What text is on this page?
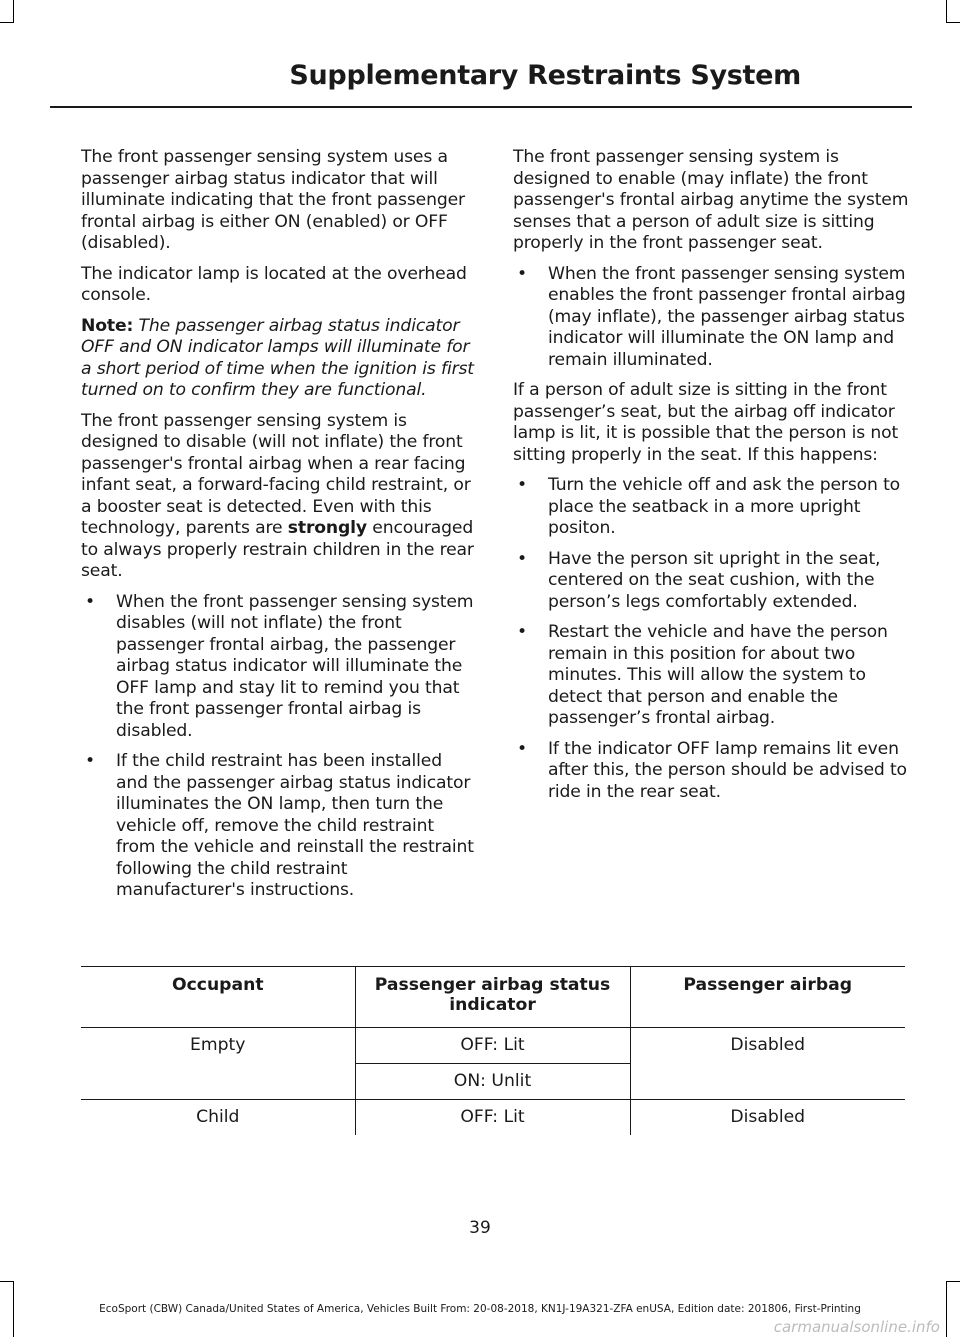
Supplementary Restraints System

The front passenger sensing system uses a passenger airbag status indicator that will illuminate indicating that the front passenger frontal airbag is either ON (enabled) or OFF (disabled).

The indicator lamp is located at the overhead console.

Note: The passenger airbag status indicator OFF and ON indicator lamps will illuminate for a short period of time when the ignition is first turned on to confirm they are functional.

The front passenger sensing system is designed to disable (will not inflate) the front passenger's frontal airbag when a rear facing infant seat, a forward-facing child restraint, or a booster seat is detected. Even with this technology, parents are strongly encouraged to always properly restrain children in the rear seat.

• When the front passenger sensing system disables (will not inflate) the front passenger frontal airbag, the passenger airbag status indicator will illuminate the OFF lamp and stay lit to remind you that the front passenger frontal airbag is disabled.
• If the child restraint has been installed and the passenger airbag status indicator illuminates the ON lamp, then turn the vehicle off, remove the child restraint from the vehicle and reinstall the restraint following the child restraint manufacturer's instructions.

The front passenger sensing system is designed to enable (may inflate) the front passenger's frontal airbag anytime the system senses that a person of adult size is sitting properly in the front passenger seat.

• When the front passenger sensing system enables the front passenger frontal airbag (may inflate), the passenger airbag status indicator will illuminate the ON lamp and remain illuminated.

If a person of adult size is sitting in the front passenger’s seat, but the airbag off indicator lamp is lit, it is possible that the person is not sitting properly in the seat. If this happens:

• Turn the vehicle off and ask the person to place the seatback in a more upright positon.
• Have the person sit upright in the seat, centered on the seat cushion, with the person’s legs comfortably extended.
• Restart the vehicle and have the person remain in this position for about two minutes. This will allow the system to detect that person and enable the passenger’s frontal airbag.
• If the indicator OFF lamp remains lit even after this, the person should be advised to ride in the rear seat.
Occupant	Passenger airbag status indicator	Passenger airbag
Empty	OFF: Lit	Disabled
	ON: Unlit	
Child	OFF: Lit	Disabled
39
EcoSport (CBW) Canada/United States of America, Vehicles Built From: 20-08-2018, KN1J-19A321-ZFA enUSA, Edition date: 201806, First-Printing
carmanualsonline.info
